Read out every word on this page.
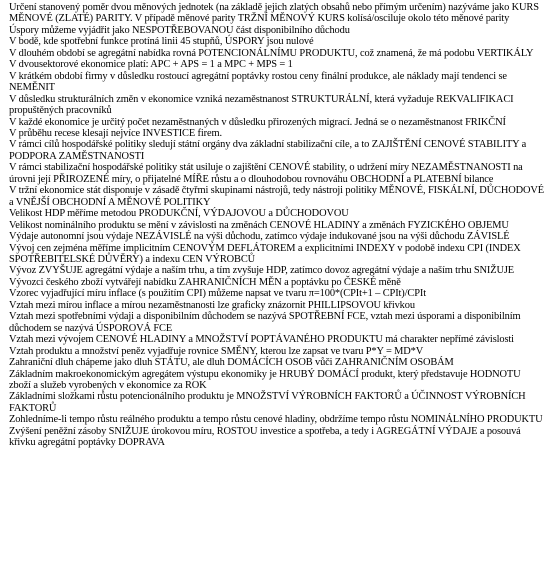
Určení stanovený poměr dvou měnových jednotek (na základě jejich zlatých obsahů nebo přímým určením) nazýváme jako KURS MĚNOVÉ (ZLATÉ) PARITY. V případě měnové parity TRŽNÍ MĚNOVÝ KURS kolísá/osciluje okolo této měnové parity

Úspory můžeme vyjádřit jako NESPOTŘEBOVANOU část disponibilního důchodu

V bodě, kde spotřební funkce protíná linii 45 stupňů, ÚSPORY jsou nulové

V dlouhém období se agregátní nabídka rovná POTENCIONÁLNÍMU PRODUKTU, což znamená, že má podobu VERTIKÁLY

V dvousektorové ekonomice platí: APC + APS = 1 a MPC + MPS = 1

V krátkém období firmy v důsledku rostoucí agregátní poptávky rostou ceny finální produkce, ale náklady mají tendenci se NEMĚNIT

V důsledku strukturálních změn v ekonomice vzniká nezaměstnanost STRUKTURÁLNÍ, která vyžaduje REKVALIFIKACI propuštěných pracovníků

V každé ekonomice je určitý počet nezaměstnaných v důsledku přirozených migrací. Jedná se o nezaměstnanost FRIKČNÍ

V průběhu recese klesají nejvíce INVESTICE firem.

V rámci cílů hospodářské politiky sledují státní orgány dva základní stabilizační cíle, a to ZAJIŠTĚNÍ CENOVÉ STABILITY a PODPORA ZAMĚSTNANOSTI

V rámci stabilizační hospodářské politiky stát usiluje o zajištění CENOVÉ stability, o udržení míry NEZAMĚSTNANOSTI na úrovni její PŘIROZENÉ míry, o přijatelné MÍŘE růstu a o dlouhodobou rovnováhu OBCHODNÍ a PLATEBNÍ bilance

V tržní ekonomice stát disponuje v zásadě čtyřmi skupinami nástrojů, tedy nástroji politiky MĚNOVÉ, FISKÁLNÍ, DŮCHODOVÉ a VNĚJŠÍ OBCHODNÍ A MĚNOVÉ POLITIKY

Velikost HDP měříme metodou PRODUKČNÍ, VÝDAJOVOU a DŮCHODOVOU

Velikost nominálního produktu se mění v závislosti na změnách CENOVÉ HLADINY a změnách FYZICKÉHO OBJEMU

Výdaje autonomní jsou výdaje NEZÁVISLÉ na výši důchodu, zatímco výdaje indukované jsou na výši důchodu ZÁVISLÉ

Vývoj cen zejména měříme implicitním CENOVÝM DEFLÁTOREM a explicitními INDEXY v podobě indexu CPI (INDEX SPOTŘEBITELSKÉ DŮVĚRY) a indexu CEN VÝROBCŮ

Vývoz ZVYŠUJE agregátní výdaje a naším trhu, a tím zvyšuje HDP, zatímco dovoz agregátní výdaje a naším trhu SNIŽUJE

Vývozci českého zboží vytvářejí nabídku ZAHRANIČNÍCH MĚN a poptávku po ČESKÉ měně

Vzorec vyjadřující míru inflace (s použitím CPI) můžeme napsat ve tvaru π=100*(CPIt+1 – CPIt)/CPIt

Vztah mezi mírou inflace a mírou nezaměstnanosti lze graficky znázornit PHILLIPSOVOU křivkou

Vztah mezi spotřebními výdaji a disponibilním důchodem se nazývá SPOTŘEBNÍ FCE, vztah mezi úsporami a disponibilním důchodem se nazývá ÚSPOROVÁ FCE

Vztah mezi vývojem CENOVÉ HLADINY a MNOŽSTVÍ POPTÁVANÉHO PRODUKTU má charakter nepřímé závislosti

Vztah produktu a množství peněz vyjadřuje rovnice SMĚNY, kterou lze zapsat ve tvaru P*Y = MD*V

Zahraniční dluh chápeme jako dluh STÁTU, ale dluh DOMÁCÍCH OSOB vůči ZAHRANIČNÍM OSOBÁM

Základním makroekonomickým agregátem výstupu ekonomiky je HRUBÝ DOMÁCÍ produkt, který představuje HODNOTU zboží a služeb vyrobených v ekonomice za ROK

Základními složkami růstu potencionálního produktu je MNOŽSTVÍ VÝROBNÍCH FAKTORŮ a ÚČINNOST VÝROBNÍCH FAKTORŮ

Zohledníme-li tempo růstu reálného produktu a tempo růstu cenové hladiny, obdržíme tempo růstu NOMINÁLNÍHO PRODUKTU

Zvýšení peněžní zásoby SNIŽUJE úrokovou míru, ROSTOU investice a spotřeba, a tedy i AGREGÁTNÍ VÝDAJE a posouvá křivku agregátní poptávky DOPRAVA
